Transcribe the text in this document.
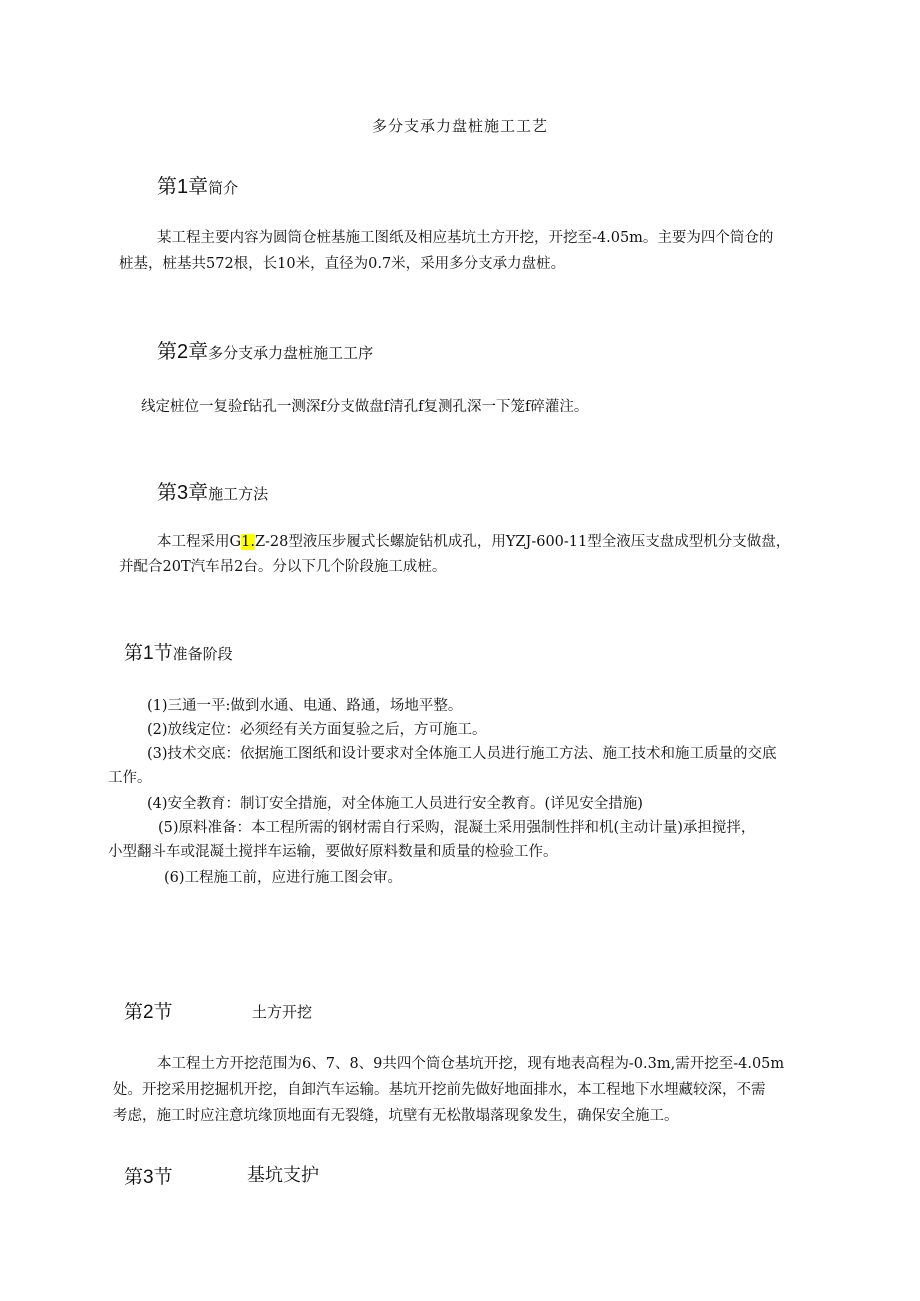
多分支承力盘桩施工工艺
第1章简介
某工程主要内容为圆筒仓桩基施工图纸及相应基坑土方开挖，开挖至-4.05m。主要为四个筒仓的
桩基，桩基共572根，长10米，直径为0.7米，采用多分支承力盘桩。
第2章多分支承力盘桩施工工序
线定桩位一复验f钻孔一测深f分支做盘f清孔f复测孔深一下笼f碎灌注。
第3章施工方法
本工程采用G1.Z-28型液压步履式长螺旋钻机成孔，用YZJ-600-11型全液压支盘成型机分支做盘，
并配合20T汽车吊2台。分以下几个阶段施工成桩。
第1节准备阶段
(1)三通一平:做到水通、电通、路通，场地平整。
(2)放线定位：必须经有关方面复验之后，方可施工。
(3)技术交底：依据施工图纸和设计要求对全体施工人员进行施工方法、施工技术和施工质量的交底
工作。
(4)安全教育：制订安全措施，对全体施工人员进行安全教育。(详见安全措施)
(5)原料准备：本工程所需的钢材需自行采购，混凝土采用强制性拌和机(主动计量)承担搅拌，
小型翻斗车或混凝土搅拌车运输，要做好原料数量和质量的检验工作。
(6)工程施工前，应进行施工图会审。
第2节	土方开挖
本工程土方开挖范围为6、7、8、9共四个筒仓基坑开挖，现有地表高程为-0.3m,需开挖至-4.05m
处。开挖采用挖掘机开挖，自卸汽车运输。基坑开挖前先做好地面排水，本工程地下水埋藏较深，不需
考虑，施工时应注意坑缘顶地面有无裂缝，坑壁有无松散塌落现象发生，确保安全施工。
第3节	基坑支护
